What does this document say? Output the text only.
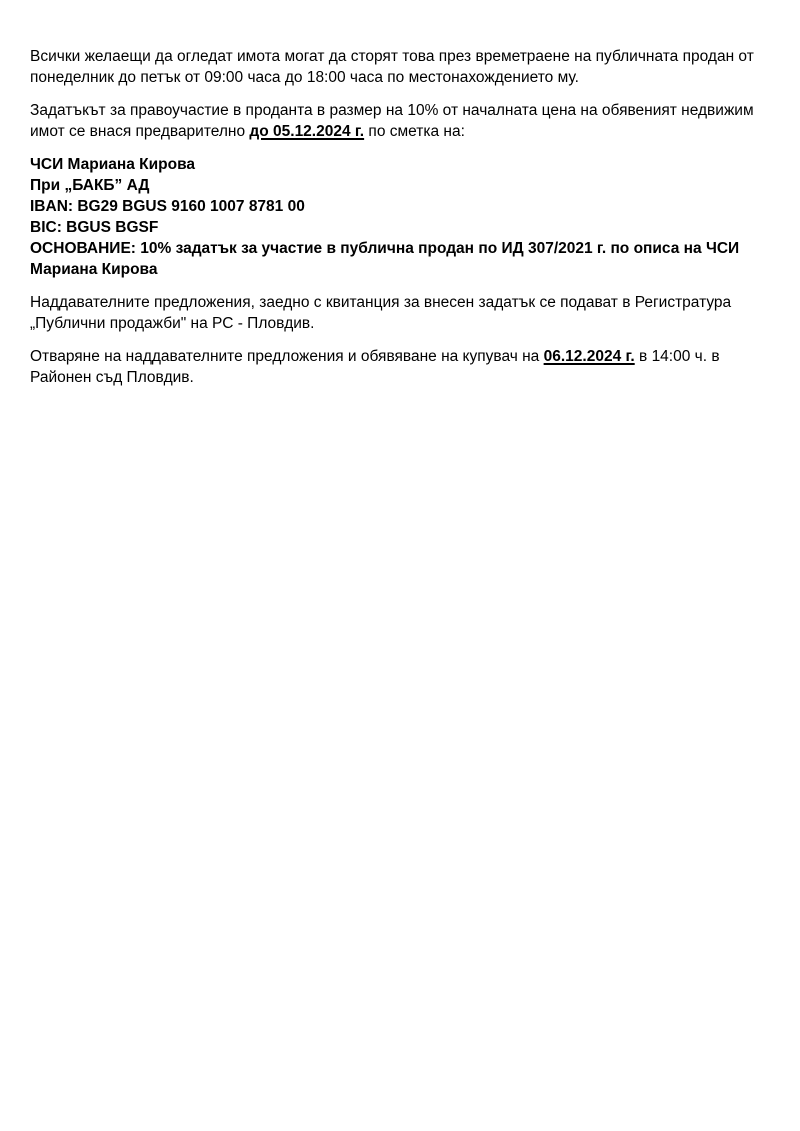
Всички желаещи да огледат имота могат да сторят това през времетраене на публичната продан от понеделник до петък от 09:00 часа до 18:00 часа по местонахождението му.

Задатъкът за правоучастие в проданта в размер на 10% от началната цена на обявеният недвижим имот се внася предварително до 05.12.2024 г. по сметка на:

ЧСИ Мариана Кирова
При „БАКБ” АД
IBAN: BG29 BGUS 9160 1007 8781 00
BIC: BGUS BGSF
ОСНОВАНИЕ: 10% задатък за участие в публична продан по ИД 307/2021 г. по описа на ЧСИ Мариана Кирова

Наддавателните предложения, заедно с квитанция за внесен задатък се подават в Регистратура „Публични продажби" на РС - Пловдив.

Отваряне на наддавателните предложения и обявяване на купувач на 06.12.2024 г. в 14:00 ч. в Районен съд Пловдив.
